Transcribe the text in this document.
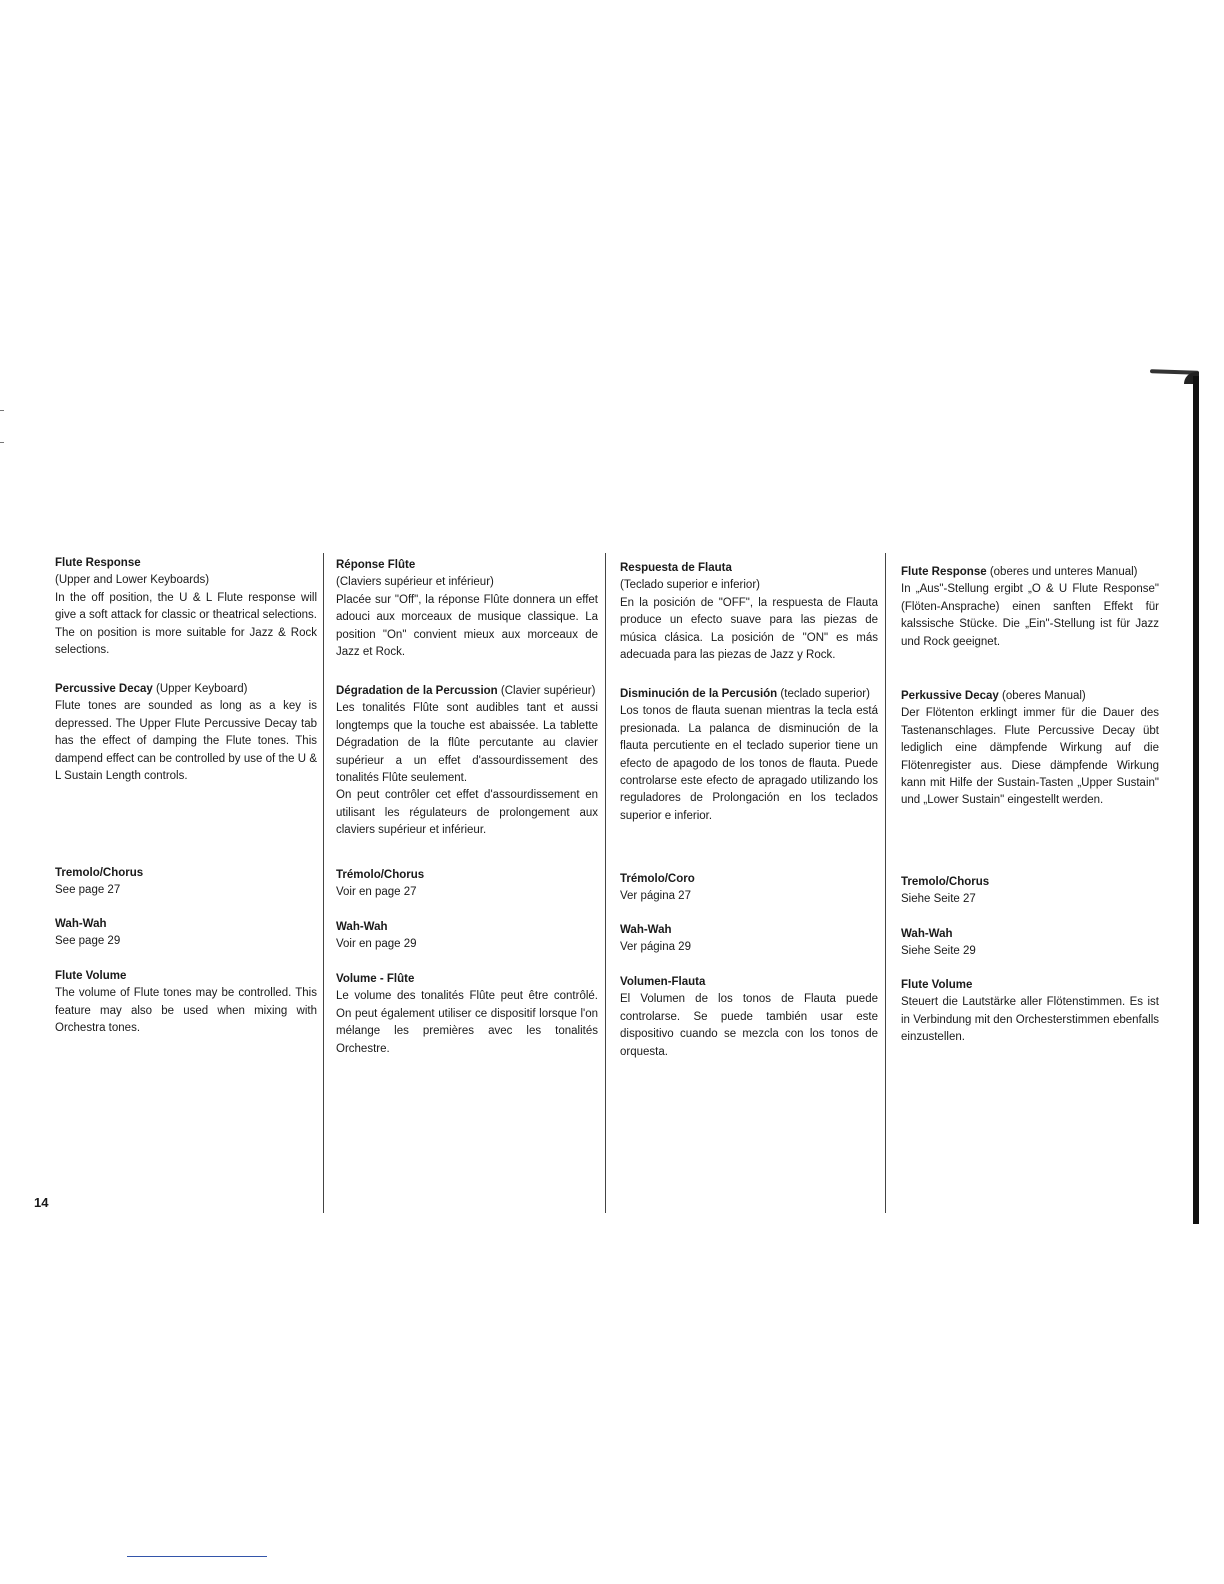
Flute Response

(Upper and Lower Keyboards)

In the off position, the U & L Flute response will give a soft attack for classic or theatrical selections. The on position is more suitable for Jazz & Rock selections.

Percussive Decay (Upper Keyboard)

Flute tones are sounded as long as a key is depressed. The Upper Flute Percussive Decay tab has the effect of damping the Flute tones. This dampend effect can be controlled by use of the U & L Sustain Length controls.

Tremolo/Chorus

See page 27

Wah-Wah

See page 29

Flute Volume

The volume of Flute tones may be controlled. This feature may also be used when mixing with Orchestra tones.

Réponse Flûte

(Claviers supérieur et inférieur)

Placée sur "Off", la réponse Flûte donnera un effet adouci aux morceaux de musique classique. La position "On" convient mieux aux morceaux de Jazz et Rock.

Dégradation de la Percussion (Clavier supérieur)

Les tonalités Flûte sont audibles tant et aussi longtemps que la touche est abaissée. La tablette Dégradation de la flûte percutante au clavier supérieur a un effet d'assourdissement des tonalités Flûte seulement.

On peut contrôler cet effet d'assourdissement en utilisant les régulateurs de prolongement aux claviers supérieur et inférieur.

Trémolo/Chorus

Voir en page 27

Wah-Wah

Voir en page 29

Volume - Flûte

Le volume des tonalités Flûte peut être contrôlé. On peut également utiliser ce dispositif lorsque l'on mélange les premières avec les tonalités Orchestre.

Respuesta de Flauta

(Teclado superior e inferior)

En la posición de "OFF", la respuesta de Flauta produce un efecto suave para las piezas de música clásica. La posición de "ON" es más adecuada para las piezas de Jazz y Rock.

Disminución de la Percusión (teclado superior)

Los tonos de flauta suenan mientras la tecla está presionada. La palanca de disminución de la flauta percutiente en el teclado superior tiene un efecto de apagodo de los tonos de flauta. Puede controlarse este efecto de apragado utilizando los reguladores de Prolongación en los teclados superior e inferior.

Trémolo/Coro

Ver página 27

Wah-Wah

Ver página 29

Volumen-Flauta

El Volumen de los tonos de Flauta puede controlarse. Se puede también usar este dispositivo cuando se mezcla con los tonos de orquesta.

Flute Response (oberes und unteres Manual)

In „Aus"-Stellung ergibt „O & U Flute Response" (Flöten-Ansprache) einen sanften Effekt für kalssische Stücke. Die „Ein"-Stellung ist für Jazz und Rock geeignet.

Perkussive Decay (oberes Manual)

Der Flötenton erklingt immer für die Dauer des Tastenanschlages. Flute Percussive Decay übt lediglich eine dämpfende Wirkung auf die Flötenregister aus. Diese dämpfende Wirkung kann mit Hilfe der Sustain-Tasten „Upper Sustain" und „Lower Sustain" eingestellt werden.

Tremolo/Chorus

Siehe Seite 27

Wah-Wah

Siehe Seite 29

Flute Volume

Steuert die Lautstärke aller Flötenstimmen. Es ist in Verbindung mit den Orchesterstimmen ebenfalls einzustellen.

14
